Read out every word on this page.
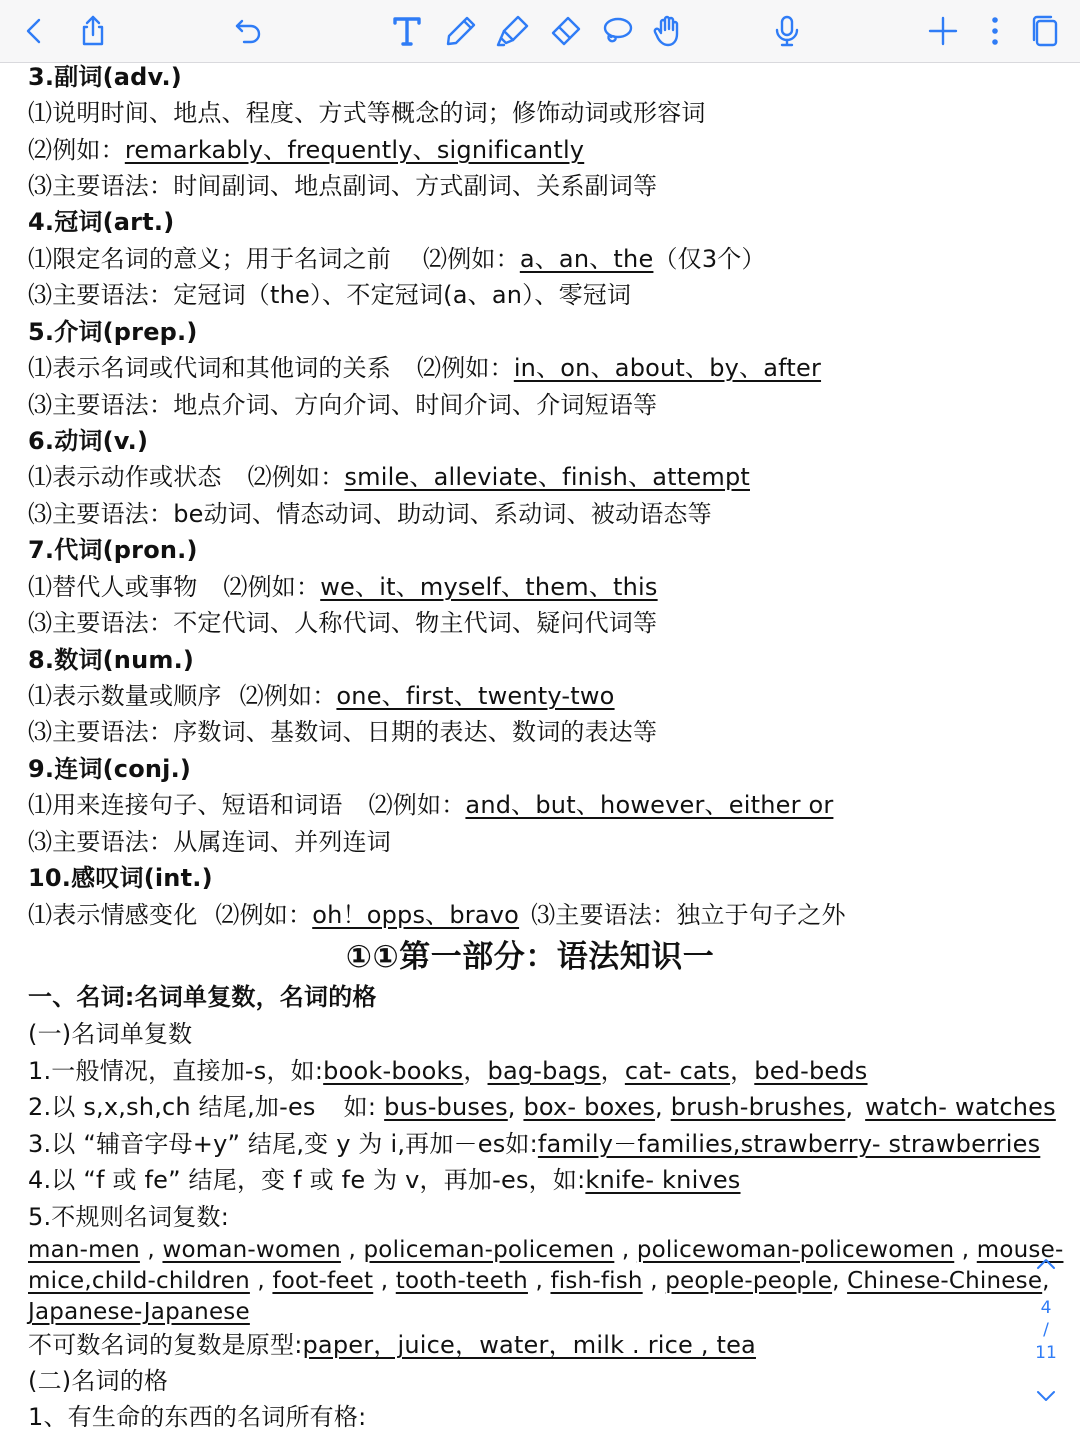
3.副词(adv.)
⑴说明时间、地点、程度、方式等概念的词；修饰动词或形容词
⑵例如：remarkably、frequently、significantly
⑶主要语法：时间副词、地点副词、方式副词、关系副词等
4.冠词(art.)
⑴限定名词的意义；用于名词之前 ⑵例如：a、an、the（仅3个）
⑶主要语法：定冠词（the）、不定冠词(a、an）、零冠词
5.介词(prep.)
⑴表示名词或代词和其他词的关系 ⑵例如：in、on、about、by、after
⑶主要语法：地点介词、方向介词、时间介词、介词短语等
6.动词(v.)
⑴表示动作或状态 ⑵例如：smile、alleviate、finish、attempt
⑶主要语法：be动词、情态动词、助动词、系动词、被动语态等
7.代词(pron.)
⑴替代人或事物 ⑵例如：we、it、myself、them、this
⑶主要语法：不定代词、人称代词、物主代词、疑问代词等
8.数词(num.)
⑴表示数量或顺序 ⑵例如：one、first、twenty-two
⑶主要语法：序数词、基数词、日期的表达、数词的表达等
9.连词(conj.)
⑴用来连接句子、短语和词语 ⑵例如：and、but、however、either or
⑶主要语法：从属连词、并列连词
10.感叹词(int.)
⑴表示情感变化 ⑵例如：oh！opps、bravo ⑶主要语法：独立于句子之外
①①第一部分：语法知识一
一、名词:名词单复数，名词的格
(一)名词单复数
1.一般情况，直接加-s，如:book-books，bag-bags，cat- cats，bed-beds
2.以 s,x,sh,ch 结尾,加-es 如: bus-buses, box- boxes, brush-brushes, watch- watches
3.以 “辅音字母+y” 结尾,变 y 为 i,再加－es如:family－families,strawberry- strawberries
4.以 “f 或 fe” 结尾，变 f 或 fe 为 v，再加-es，如:knife- knives
5.不规则名词复数:
man-men , woman-women , policeman-policemen , policewoman-policewomen , mouse-
mice,child-children , foot-feet , tooth-teeth , fish-fish , people-people, Chinese-Chinese,
Japanese-Japanese
不可数名词的复数是原型:paper，juice，water，milk . rice , tea
(二)名词的格
1、有生命的东西的名词所有格:
4
/
11
